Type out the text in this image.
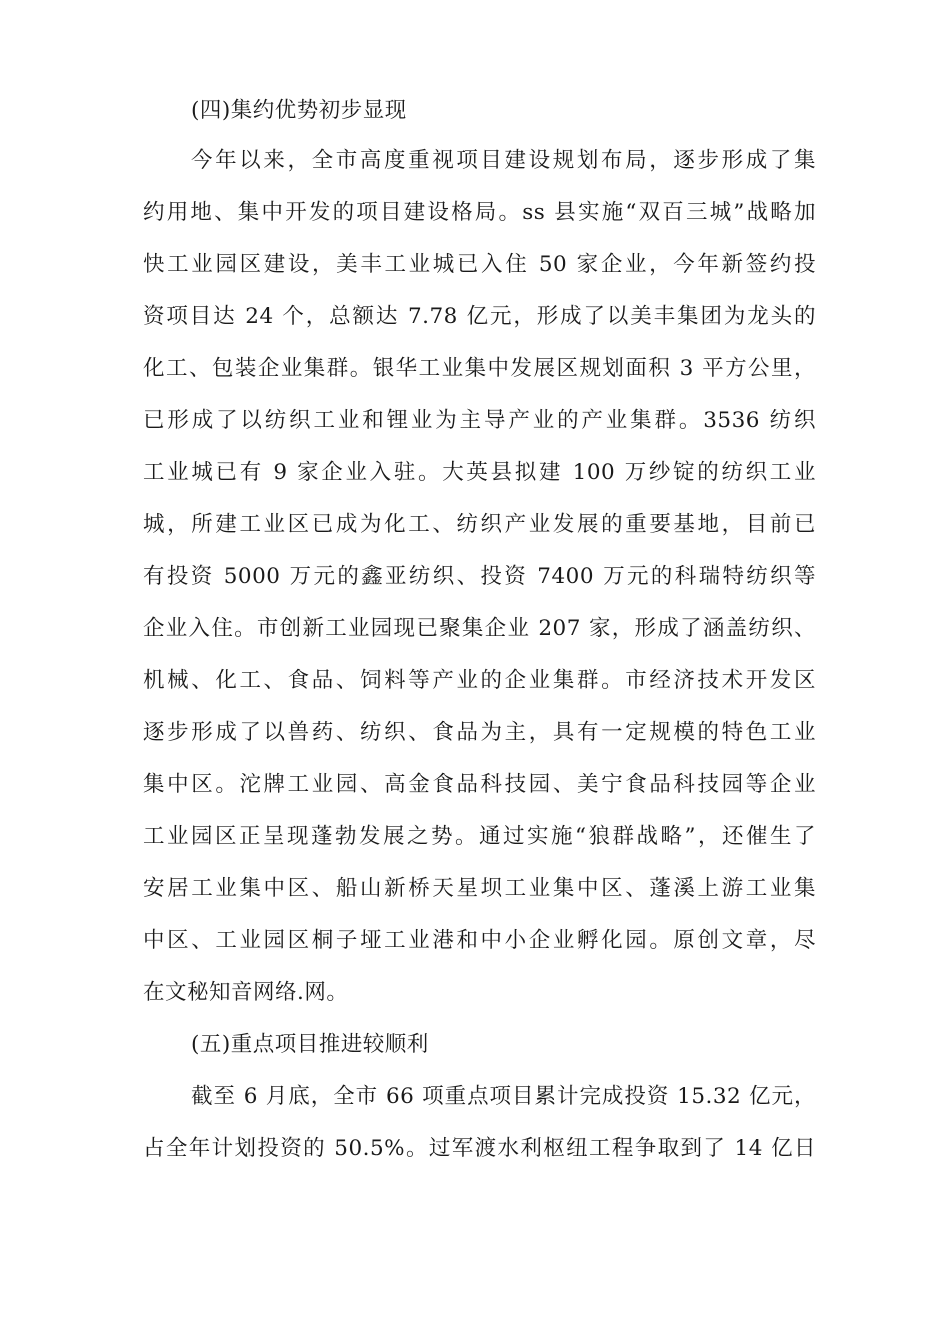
(四)集约优势初步显现
今年以来，全市高度重视项目建设规划布局，逐步形成了集
约用地、集中开发的项目建设格局。ss 县实施“双百三城”战略加
快工业园区建设，美丰工业城已入住 50 家企业，今年新签约投
资项目达 24 个，总额达 7.78 亿元，形成了以美丰集团为龙头的
化工、包装企业集群。银华工业集中发展区规划面积 3 平方公里，
已形成了以纺织工业和锂业为主导产业的产业集群。3536 纺织
工业城已有 9 家企业入驻。大英县拟建 100 万纱锭的纺织工业
城，所建工业区已成为化工、纺织产业发展的重要基地，目前已
有投资 5000 万元的鑫亚纺织、投资 7400 万元的科瑞特纺织等
企业入住。市创新工业园现已聚集企业 207 家，形成了涵盖纺织、
机械、化工、食品、饲料等产业的企业集群。市经济技术开发区
逐步形成了以兽药、纺织、食品为主，具有一定规模的特色工业
集中区。沱牌工业园、高金食品科技园、美宁食品科技园等企业
工业园区正呈现蓬勃发展之势。通过实施“狼群战略”，还催生了
安居工业集中区、船山新桥天星坝工业集中区、蓬溪上游工业集
中区、工业园区桐子垭工业港和中小企业孵化园。原创文章，尽
在文秘知音网络.网。
(五)重点项目推进较顺利
截至 6 月底，全市 66 项重点项目累计完成投资 15.32 亿元，
占全年计划投资的 50.5%。过军渡水利枢纽工程争取到了 14 亿日
